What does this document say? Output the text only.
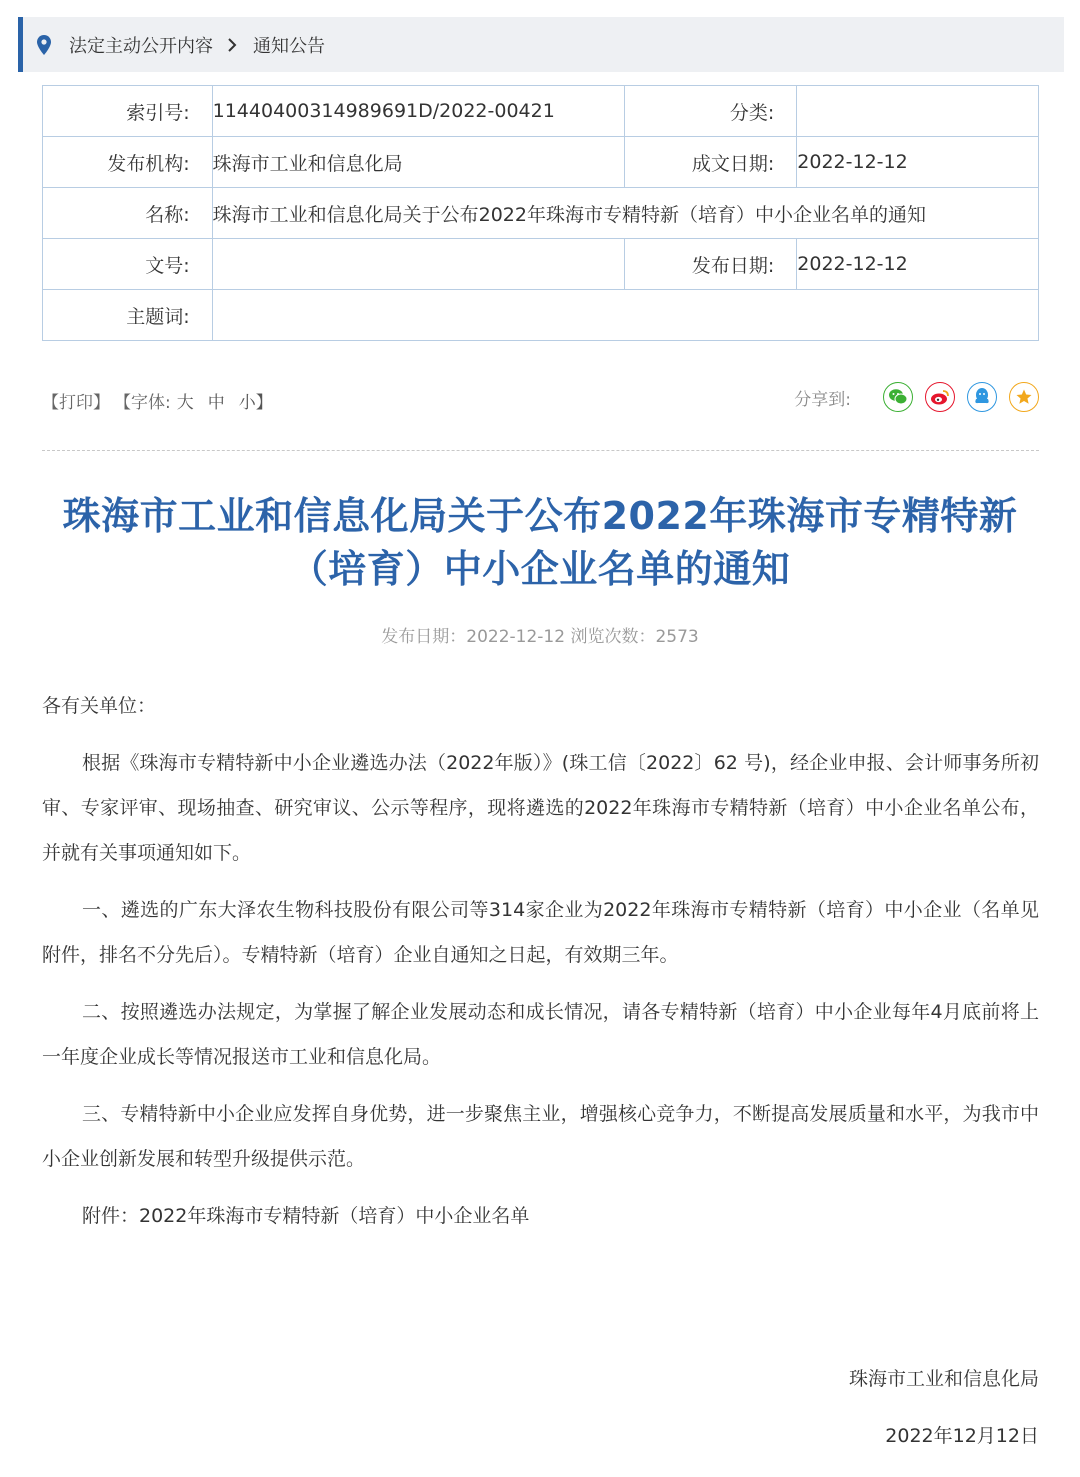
法定主动公开内容 通知公告
索引号:	11440400314989691D/2022-00421	分类:	
发布机构:	珠海市工业和信息化局	成文日期:	2022-12-12
名称:	珠海市工业和信息化局关于公布2022年珠海市专精特新（培育）中小企业名单的通知		
文号:		发布日期:	2022-12-12
主题词:			
【打印】 【字体: 大 中 小】	分享到:
珠海市工业和信息化局关于公布2022年珠海市专精特新（培育）中小企业名单的通知
发布日期：2022-12-12 浏览次数：2573

各有关单位：

根据《珠海市专精特新中小企业遴选办法（2022年版）》(珠工信〔2022〕62 号)，经企业申报、会计师事务所初审、专家评审、现场抽查、研究审议、公示等程序，现将遴选的2022年珠海市专精特新（培育）中小企业名单公布，并就有关事项通知如下。

一、遴选的广东大泽农生物科技股份有限公司等314家企业为2022年珠海市专精特新（培育）中小企业（名单见附件，排名不分先后）。专精特新（培育）企业自通知之日起，有效期三年。

二、按照遴选办法规定，为掌握了解企业发展动态和成长情况，请各专精特新（培育）中小企业每年4月底前将上一年度企业成长等情况报送市工业和信息化局。

三、专精特新中小企业应发挥自身优势，进一步聚焦主业，增强核心竞争力，不断提高发展质量和水平，为我市中小企业创新发展和转型升级提供示范。

附件：2022年珠海市专精特新（培育）中小企业名单

珠海市工业和信息化局
2022年12月12日
